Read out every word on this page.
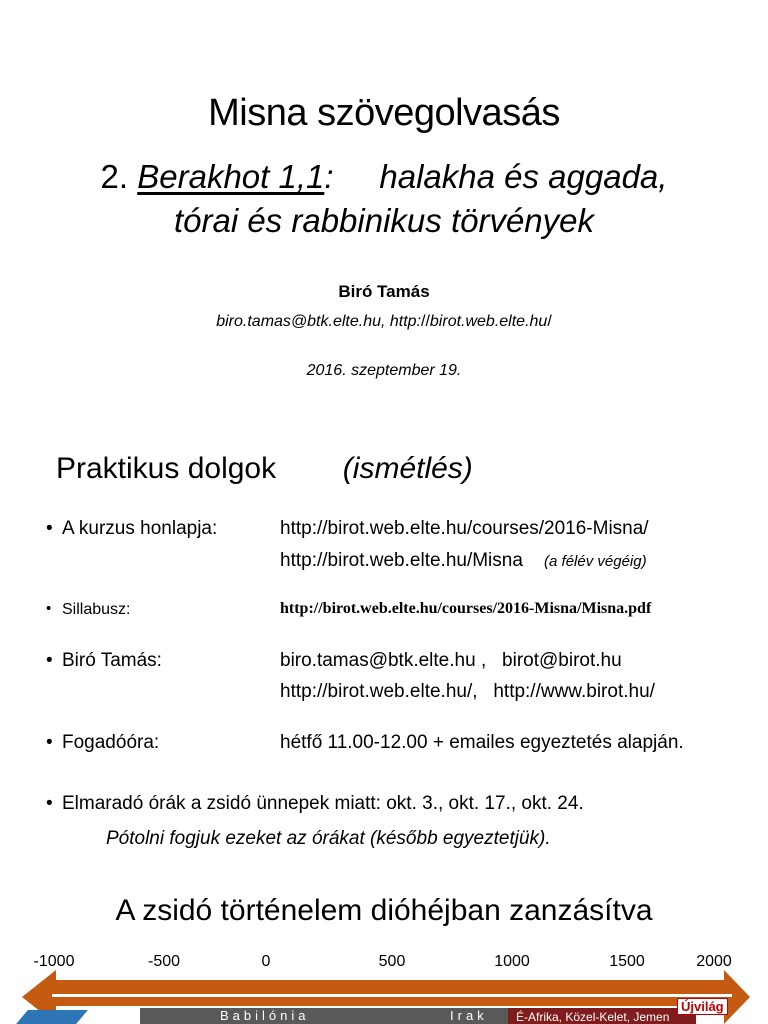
Misna szövegolvasás
2. Berakhot 1,1: halakha és aggada,
tórai és rabbinikus törvények
Biró Tamás
biro.tamas@btk.elte.hu, http://birot.web.elte.hu/
2016. szeptember 19.
Praktikus dolgok (ismétlés)
• A kurzus honlapja:	http://birot.web.elte.hu/courses/2016-Misna/
http://birot.web.elte.hu/Misna (a félév végéig)
• Sillabusz:	http://birot.web.elte.hu/courses/2016-Misna/Misna.pdf
• Biró Tamás:	biro.tamas@btk.elte.hu ,   birot@birot.hu
http://birot.web.elte.hu/,   http://www.birot.hu/
• Fogadóóra:	hétfő 11.00-12.00 + emailes egyeztetés alapján.
• Elmaradó órák a zsidó ünnepek miatt: okt. 3., okt. 17., okt. 24.
Pótolni fogjuk ezeket az órákat (később egyeztetjük).
A zsidó történelem dióhéjban zanzásítva
-1000	-500	0	500	1000	1500	2000
Babilónia	Irak É-Afrika, Közel-Kelet, Jemen
Újvilág
